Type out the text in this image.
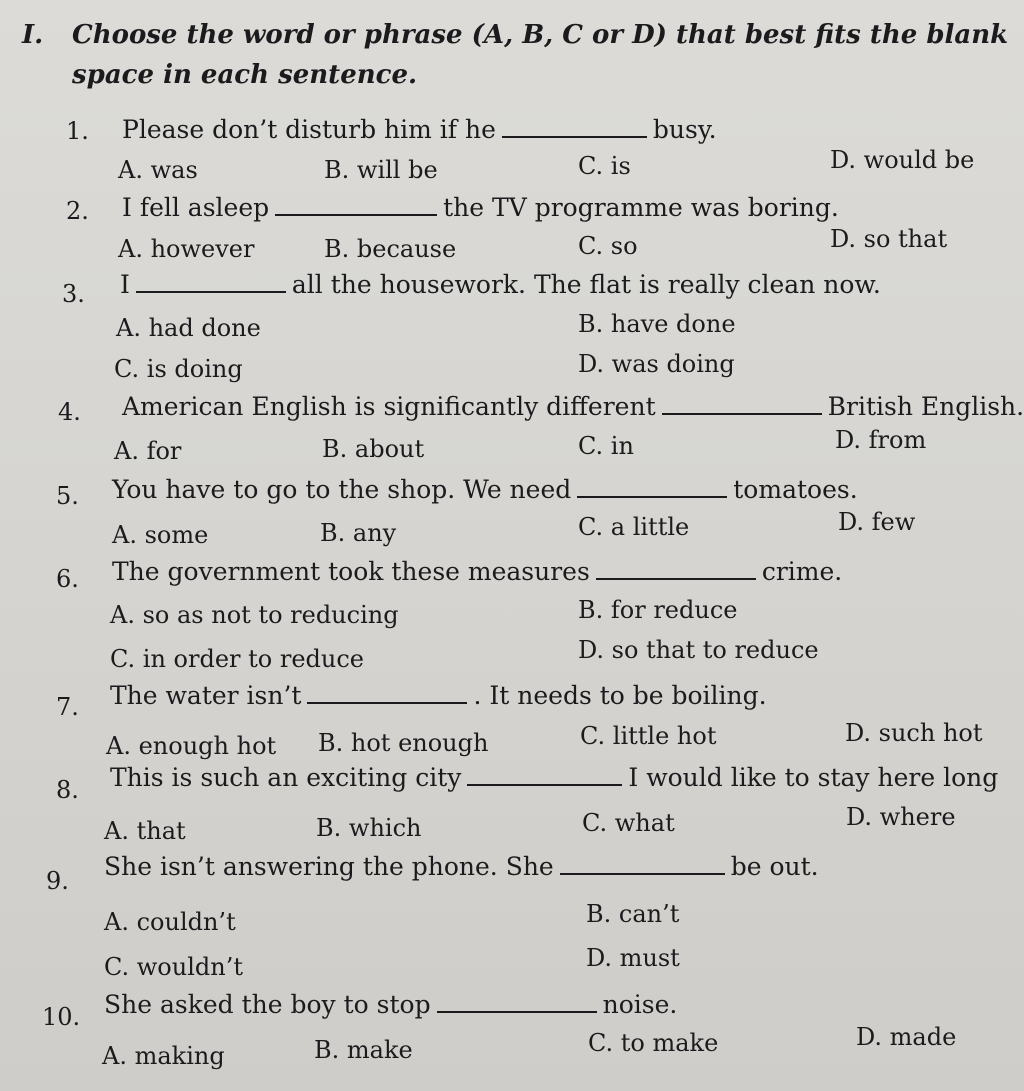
I. Choose the word or phrase (A, B, C or D) that best fits the blank
space in each sentence.
1. Please don’t disturb him if he	busy.
A. was	B. will be	C. is	D. would be
2. I fell asleep	the TV programme was boring.
A. however	B. because	C. so	D. so that
3. I	all the housework. The flat is really clean now.
A. had done	B. have done
C. is doing	D. was doing
4. American English is significantly different	British English.
A. for	B. about	C. in	D. from
5. You have to go to the shop. We need	tomatoes.
A. some	B. any	C. a little	D. few
6. The government took these measures	crime.
A. so as not to reducing	B. for reduce
C. in order to reduce	D. so that to reduce
7. The water isn’t	. It needs to be boiling.
A. enough hot B. hot enough	C. little hot	D. such hot
8. This is such an exciting city	I would like to stay here long
A. that	B. which	C. what	D. where
9. She isn’t answering the phone. She	be out.
A. couldn’t	B. can’t
C. wouldn’t	D. must
10. She asked the boy to stop	noise.
A. making	B. make	C. to make	D. made
